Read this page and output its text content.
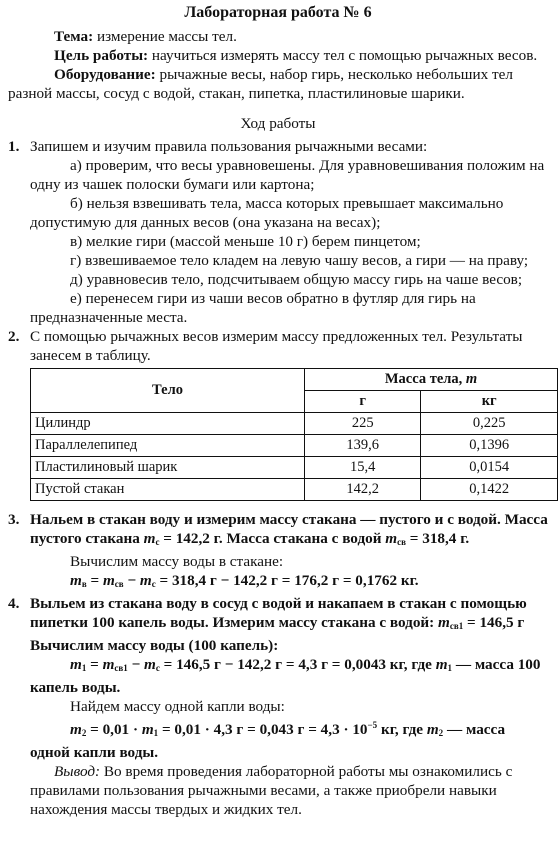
Лабораторная работа № 6

Тема: измерение массы тел.

Цель работы: научиться измерять массу тел с помощью рычажных весов.

Оборудование: рычажные весы, набор гирь, несколько небольших тел разной массы, сосуд с водой, стакан, пипетка, пластилиновые шарики.

Ход работы
1. Запишем и изучим правила пользования рычажными весами:

а) проверим, что весы уравновешены. Для уравновешивания положим на одну из чашек полоски бумаги или картона;

б) нельзя взвешивать тела, масса которых превышает максимально допустимую для данных весов (она указана на весах);

в) мелкие гири (массой меньше 10 г) берем пинцетом;

г) взвешиваемое тело кладем на левую чашу весов, а гири — на праву;

д) уравновесив тело, подсчитываем общую массу гирь на чаше весов;

е) перенесем гири из чаши весов обратно в футляр для гирь на предназначенные места.

2. С помощью рычажных весов измерим массу предложенных тел. Результаты занесем в таблицу.

Тело	Масса тела, m	
	г	кг
Цилиндр	225	0,225
Параллелепипед	139,6	0,1396
Пластилиновый шарик	15,4	0,0154
Пустой стакан	142,2	0,1422
3. Нальем в стакан воду и измерим массу стакана — пустого и с водой. Масса пустого стакана mс = 142,2 г. Масса стакана с водой mсв = 318,4 г.

Вычислим массу воды в стакане:

mв = mсв − mс = 318,4 г − 142,2 г = 176,2 г = 0,1762 кг.

4. Выльем из стакана воду в сосуд с водой и накапаем в стакан с помощью пипетки 100 капель воды. Измерим массу стакана с водой: mсв1 = 146,5 г

Вычислим массу воды (100 капель):

m1 = mсв1 − mс = 146,5 г − 142,2 г = 4,3 г = 0,0043 кг, где m1 — масса 100 капель воды.

Найдем массу одной капли воды:

m2 = 0,01 · m1 = 0,01 · 4,3 г = 0,043 $г = 4,3 \cdot 10^{-5}$ кг, где m2 — масса одной капли воды.

Вывод: Во время проведения лабораторной работы мы ознакомились с правилами пользования рычажными весами, а также приобрели навыки нахождения массы твердых и жидких тел.
